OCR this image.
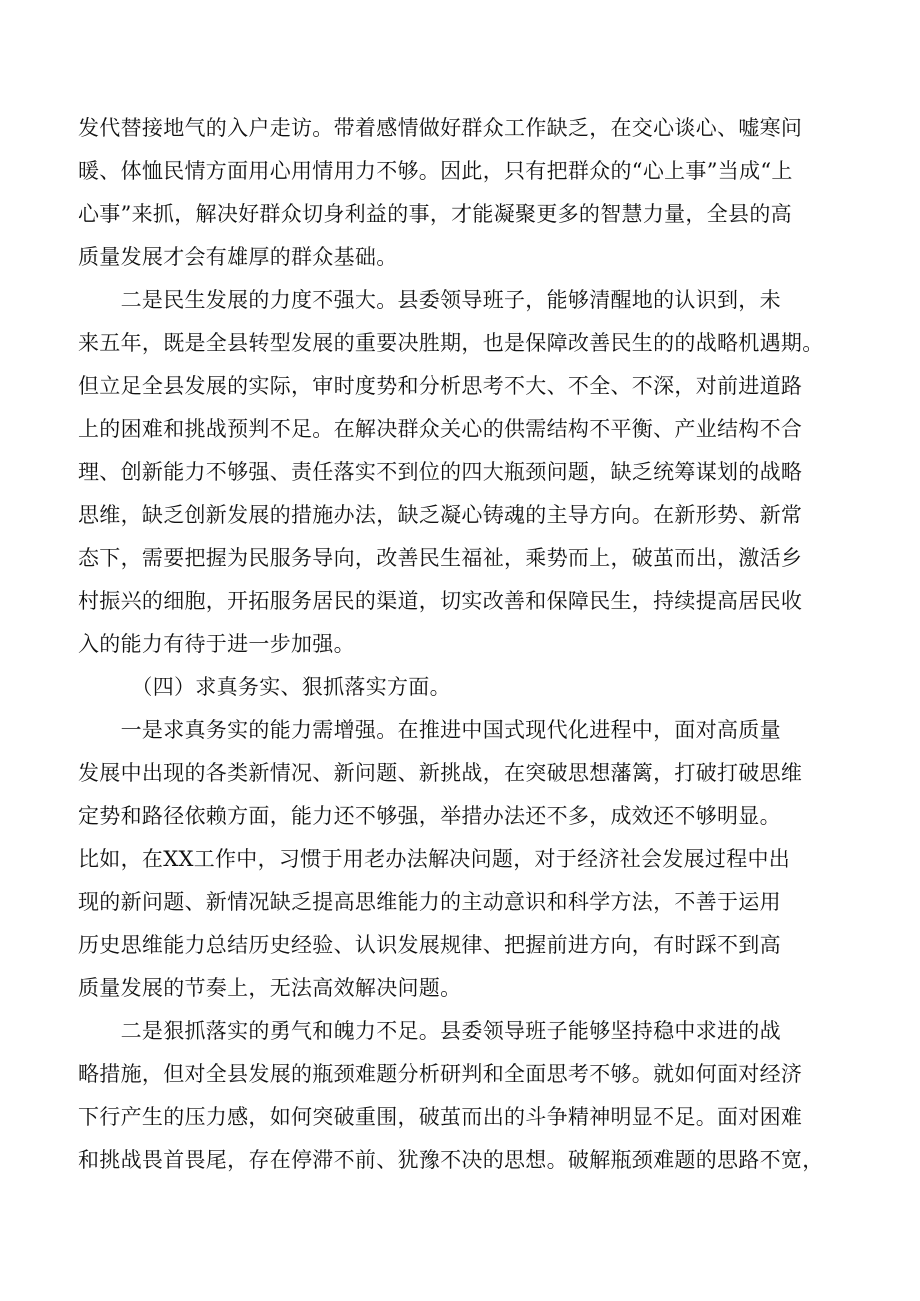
发代替接地气的入户走访。带着感情做好群众工作缺乏，在交心谈心、嘘寒问
暖、体恤民情方面用心用情用力不够。因此，只有把群众的“心上事”当成“上
心事”来抓，解决好群众切身利益的事，才能凝聚更多的智慧力量，全县的高
质量发展才会有雄厚的群众基础。
　　二是民生发展的力度不强大。县委领导班子，能够清醒地的认识到，未
来五年，既是全县转型发展的重要决胜期，也是保障改善民生的的战略机遇期。
但立足全县发展的实际，审时度势和分析思考不大、不全、不深，对前进道路
上的困难和挑战预判不足。在解决群众关心的供需结构不平衡、产业结构不合
理、创新能力不够强、责任落实不到位的四大瓶颈问题，缺乏统筹谋划的战略
思维，缺乏创新发展的措施办法，缺乏凝心铸魂的主导方向。在新形势、新常
态下，需要把握为民服务导向，改善民生福祉，乘势而上，破茧而出，激活乡
村振兴的细胞，开拓服务居民的渠道，切实改善和保障民生，持续提高居民收
入的能力有待于进一步加强。
　　　（四）求真务实、狠抓落实方面。
　　一是求真务实的能力需增强。在推进中国式现代化进程中，面对高质量
发展中出现的各类新情况、新问题、新挑战，在突破思想藩篱，打破打破思维
定势和路径依赖方面，能力还不够强，举措办法还不多，成效还不够明显。
比如，在XX工作中，习惯于用老办法解决问题，对于经济社会发展过程中出
现的新问题、新情况缺乏提高思维能力的主动意识和科学方法，不善于运用
历史思维能力总结历史经验、认识发展规律、把握前进方向，有时踩不到高
质量发展的节奏上，无法高效解决问题。
　　二是狠抓落实的勇气和魄力不足。县委领导班子能够坚持稳中求进的战
略措施，但对全县发展的瓶颈难题分析研判和全面思考不够。就如何面对经济
下行产生的压力感，如何突破重围，破茧而出的斗争精神明显不足。面对困难
和挑战畏首畏尾，存在停滞不前、犹豫不决的思想。破解瓶颈难题的思路不宽，
